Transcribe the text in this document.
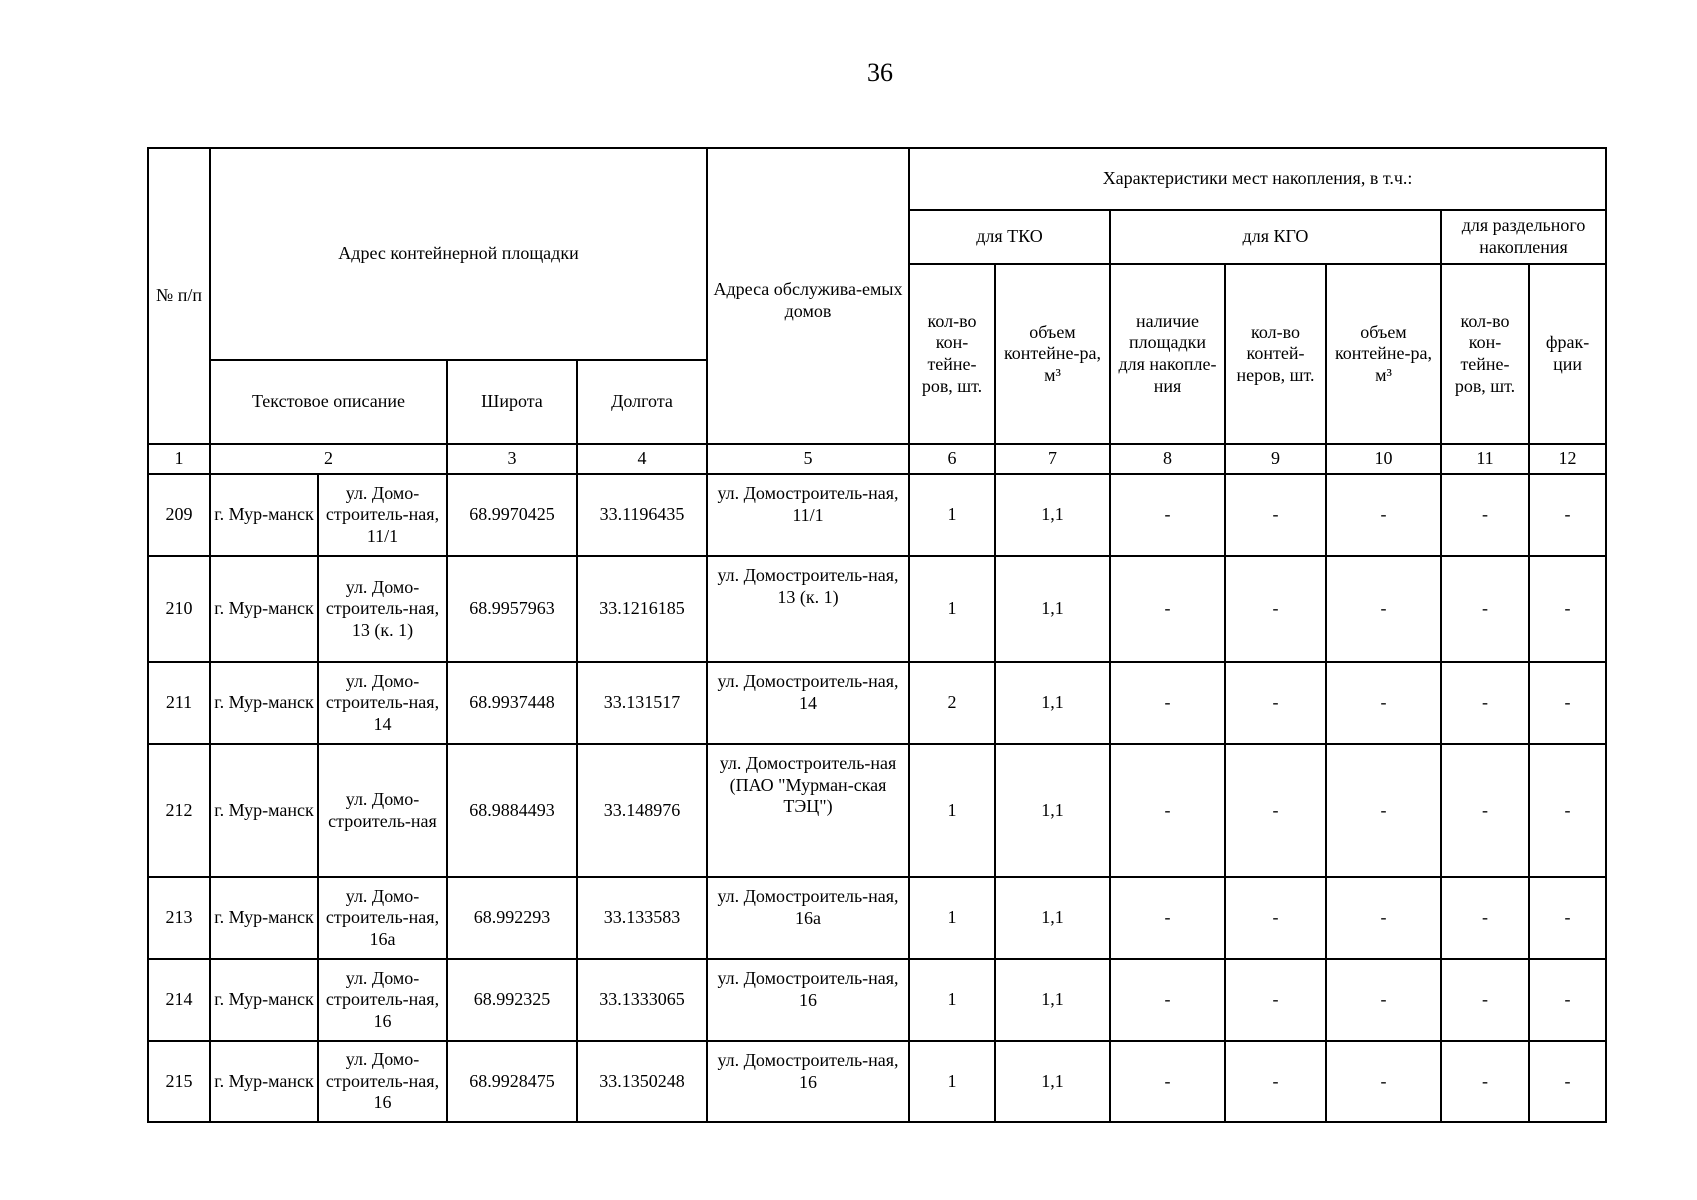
36
№ п/п	Адрес контейнерной площадки				Адреса обслужива-емых домов	Характеристики мест накопления, в т.ч.:						
						для ТКО		для КГО			для раздельного накопления	
						кол-во кон-тейне-ров, шт.	объем контейне-ра, м³	наличие площадки для накопле-ния	кол-во контей-неров, шт.	объем контейне-ра, м³	кол-во кон-тейне-ров, шт.	фрак-ции
	Текстовое описание		Широта	Долгота								
1	2		3	4	5	6	7	8	9	10	11	12
209	г. Мур-манск	ул. Домо-строитель-ная, 11/1	68.9970425	33.1196435	ул. Домостроитель-ная, 11/1	1	1,1	-	-	-	-	-
210	г. Мур-манск	ул. Домо-строитель-ная, 13 (к. 1)	68.9957963	33.1216185	ул. Домостроитель-ная, 13 (к. 1)	1	1,1	-	-	-	-	-
211	г. Мур-манск	ул. Домо-строитель-ная, 14	68.9937448	33.131517	ул. Домостроитель-ная, 14	2	1,1	-	-	-	-	-
212	г. Мур-манск	ул. Домо-строитель-ная	68.9884493	33.148976	ул. Домостроитель-ная (ПАО "Мурман-ская ТЭЦ")	1	1,1	-	-	-	-	-
213	г. Мур-манск	ул. Домо-строитель-ная, 16а	68.992293	33.133583	ул. Домостроитель-ная, 16а	1	1,1	-	-	-	-	-
214	г. Мур-манск	ул. Домо-строитель-ная, 16	68.992325	33.1333065	ул. Домостроитель-ная, 16	1	1,1	-	-	-	-	-
215	г. Мур-манск	ул. Домо-строитель-ная, 16	68.9928475	33.1350248	ул. Домостроитель-ная, 16	1	1,1	-	-	-	-	-
